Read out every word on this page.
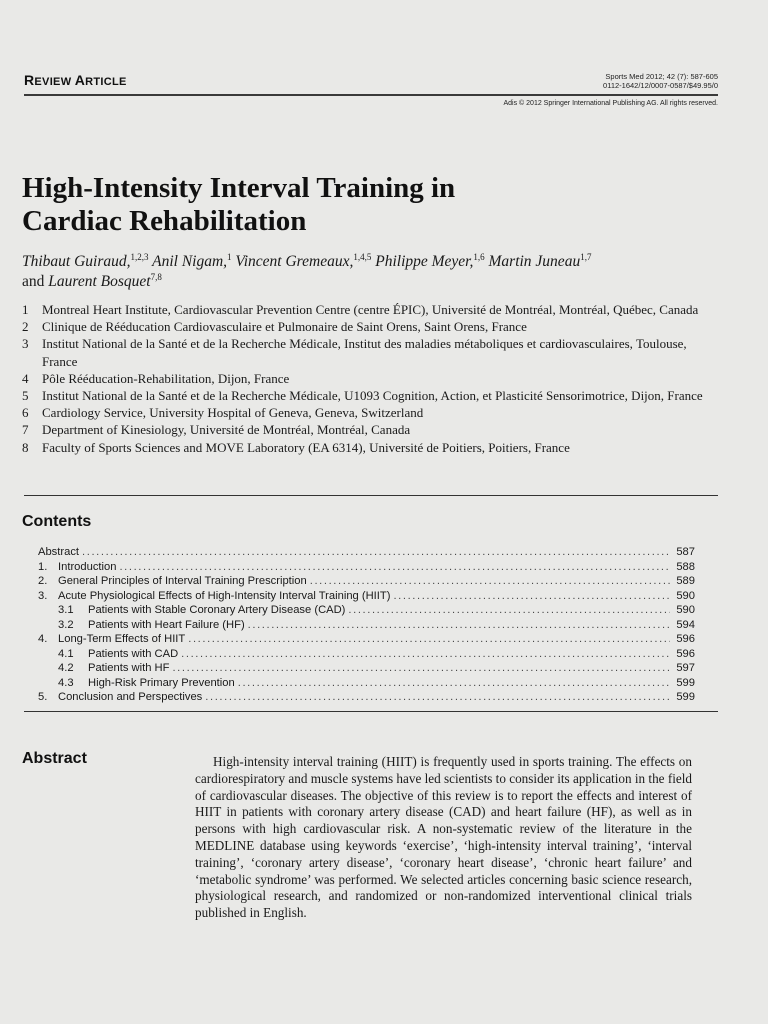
REVIEW ARTICLE	Sports Med 2012; 42 (7): 587-605
0112-1642/12/0007-0587/$49.95/0
Adis © 2012 Springer International Publishing AG. All rights reserved.
High-Intensity Interval Training in
Cardiac Rehabilitation
Thibaut Guiraud,$^{1,2,3}$ Anil Nigam,$^1$ Vincent Gremeaux,$^{1,4,5}$ Philippe Meyer,$^{1,6}$ Martin Juneau$^{1,7}$
and Laurent Bosquet$^{7,8}$
1	Montreal Heart Institute, Cardiovascular Prevention Centre (centre ÉPIC), Université de Montréal, Montréal, Québec, Canada
2	Clinique de Rééducation Cardiovasculaire et Pulmonaire de Saint Orens, Saint Orens, France
3	Institut National de la Santé et de la Recherche Médicale, Institut des maladies métaboliques et cardiovasculaires, Toulouse, France
4	Pôle Rééducation-Rehabilitation, Dijon, France
5	Institut National de la Santé et de la Recherche Médicale, U1093 Cognition, Action, et Plasticité Sensorimotrice, Dijon, France
6	Cardiology Service, University Hospital of Geneva, Geneva, Switzerland
7	Department of Kinesiology, Université de Montréal, Montréal, Canada
8	Faculty of Sports Sciences and MOVE Laboratory (EA 6314), Université de Poitiers, Poitiers, France
Contents
Abstract .....	587
1. Introduction .....	588
2. General Principles of Interval Training Prescription .....	589
3. Acute Physiological Effects of High-Intensity Interval Training (HIIT) .....	590
3.1 Patients with Stable Coronary Artery Disease (CAD) .....	590
3.2 Patients with Heart Failure (HF) .....	594
4. Long-Term Effects of HIIT .....	596
4.1 Patients with CAD .....	596
4.2 Patients with HF .....	597
4.3 High-Risk Primary Prevention .....	599
5. Conclusion and Perspectives .....	599
Abstract	High-intensity interval training (HIIT) is frequently used in sports training. The effects on cardiorespiratory and muscle systems have led scientists to consider its application in the field of cardiovascular diseases. The objective of this review is to report the effects and interest of HIIT in patients with coronary artery disease (CAD) and heart failure (HF), as well as in persons with high cardiovascular risk. A non-systematic review of the literature in the MEDLINE database using keywords ‘exercise’, ‘high-intensity interval training’, ‘interval training’, ‘coronary artery disease’, ‘coronary heart disease’, ‘chronic heart failure’ and ‘metabolic syndrome’ was performed. We selected articles concerning basic science research, physiological research, and randomized or non-randomized interventional clinical trials published in English.
